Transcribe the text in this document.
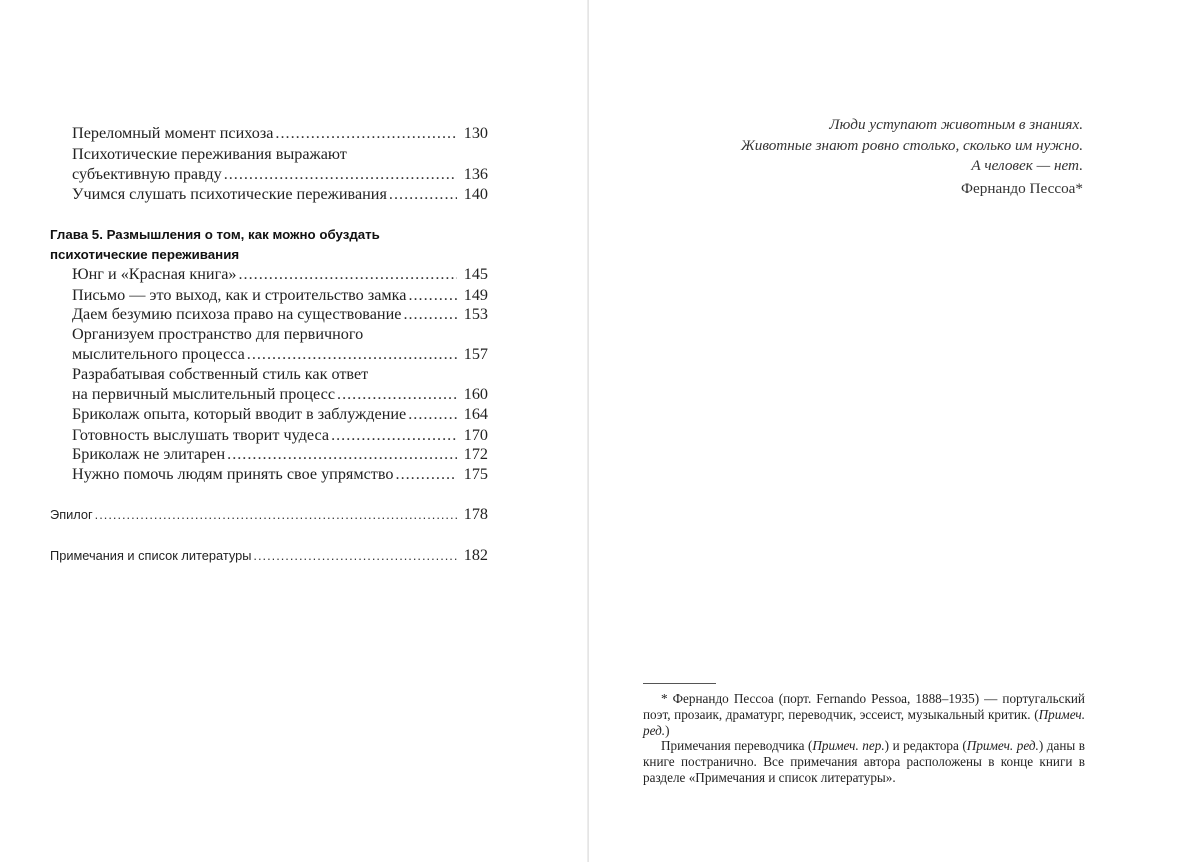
Переломный момент психоза .....	130
Психотические переживания выражают
субъективную правду .....	136
Учимся слушать психотические переживания .....	140
Глава 5. Размышления о том, как можно обуздать
психотические переживания
Юнг и «Красная книга» .....	145
Письмо — это выход, как и строительство замка .....	149
Даем безумию психоза право на существование .....	153
Организуем пространство для первичного
мыслительного процесса .....	157
Разрабатывая собственный стиль как ответ
на первичный мыслительный процесс .....	160
Бриколаж опыта, который вводит в заблуждение .....	164
Готовность выслушать творит чудеса .....	170
Бриколаж не элитарен .....	172
Нужно помочь людям принять свое упрямство .....	175
Эпилог .....	178
Примечания и список литературы .....	182
Люди уступают животным в знаниях.
Животные знают ровно столько, сколько им нужно.
А человек — нет.
Фернандо Пессоа*
* Фернандо Пессоа (порт. Fernando Pessoa, 1888–1935) — португальский поэт, прозаик, драматург, переводчик, эссеист, музыкальный критик. (Примеч. ред.)
Примечания переводчика (Примеч. пер.) и редактора (Примеч. ред.) даны в книге постранично. Все примечания автора расположены в конце книги в разделе «Примечания и список литературы».
